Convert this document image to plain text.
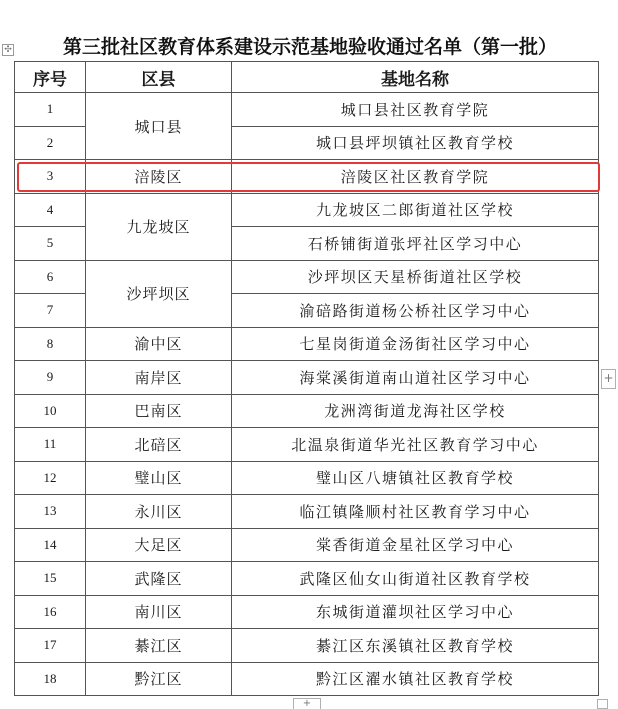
✣	第三批社区教育体系建设示范基地验收通过名单（第一批）
序号	区县	基地名称
1	城口县	城口县社区教育学院
2		城口县坪坝镇社区教育学校
3	涪陵区	涪陵区社区教育学院
4	九龙坡区	九龙坡区二郎街道社区学校
5		石桥铺街道张坪社区学习中心
6	沙坪坝区	沙坪坝区天星桥街道社区学校
7		渝碚路街道杨公桥社区学习中心
8	渝中区	七星岗街道金汤街社区学习中心
9	南岸区	海棠溪街道南山道社区学习中心
10	巴南区	龙洲湾街道龙海社区学校
11	北碚区	北温泉街道华光社区教育学习中心
12	璧山区	璧山区八塘镇社区教育学校
13	永川区	临江镇隆顺村社区教育学习中心
14	大足区	棠香街道金星社区学习中心
15	武隆区	武隆区仙女山街道社区教育学校
16	南川区	东城街道灌坝社区学习中心
17	綦江区	綦江区东溪镇社区教育学校
18	黔江区	黔江区濯水镇社区教育学校
+
+
